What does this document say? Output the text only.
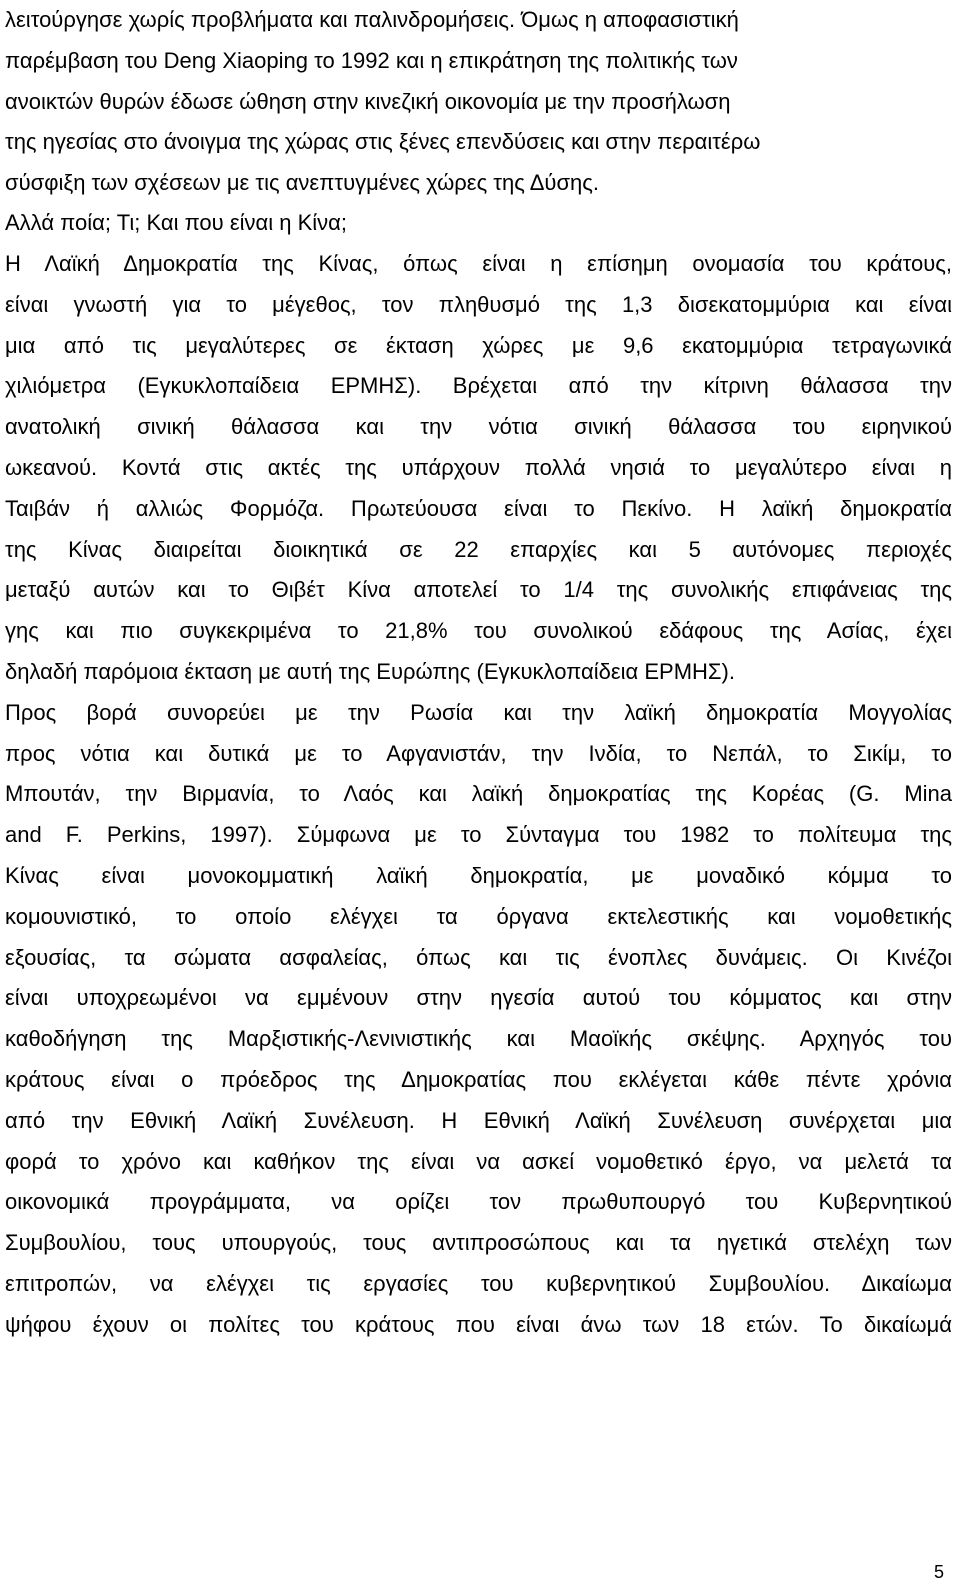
λειτούργησε χωρίς προβλήματα και παλινδρομήσεις. Όμως η αποφασιστική
παρέμβαση του Deng Xiaoping το 1992 και η επικράτηση της πολιτικής των
ανοικτών θυρών έδωσε ώθηση στην κινεζική οικονομία με την προσήλωση
της ηγεσίας στο άνοιγμα της χώρας στις ξένες επενδύσεις και στην περαιτέρω
σύσφιξη των σχέσεων με τις ανεπτυγμένες χώρες της Δύσης.
Αλλά ποία; Τι; Και που είναι η Κίνα;
Η Λαϊκή Δημοκρατία της Κίνας, όπως είναι η επίσημη ονομασία του κράτους,
είναι γνωστή για το μέγεθος, τον πληθυσμό της 1,3 δισεκατομμύρια και είναι
μια από τις μεγαλύτερες σε έκταση χώρες με 9,6 εκατομμύρια τετραγωνικά
χιλιόμετρα (Εγκυκλοπαίδεια ΕΡΜΗΣ). Βρέχεται από την κίτρινη θάλασσα την
ανατολική σινική θάλασσα και την νότια σινική θάλασσα του ειρηνικού
ωκεανού. Κοντά στις ακτές της υπάρχουν πολλά νησιά το μεγαλύτερο είναι η
Ταιβάν ή αλλιώς Φορμόζα. Πρωτεύουσα είναι το Πεκίνο. Η λαϊκή δημοκρατία
της Κίνας διαιρείται διοικητικά σε 22 επαρχίες και 5 αυτόνομες περιοχές
μεταξύ αυτών και το Θιβέτ Κίνα αποτελεί το 1/4 της συνολικής επιφάνειας της
γης και πιο συγκεκριμένα το 21,8% του συνολικού εδάφους της Ασίας, έχει
δηλαδή παρόμοια έκταση με αυτή της Ευρώπης (Εγκυκλοπαίδεια ΕΡΜΗΣ).
Προς βορά συνορεύει με την Ρωσία και την λαϊκή δημοκρατία Μογγολίας
προς νότια και δυτικά με το Αφγανιστάν, την Ινδία, το Νεπάλ, το Σικίμ, το
Μπουτάν, την Βιρμανία, το Λαός και λαϊκή δημοκρατίας της Κορέας (G. Mina
and F. Perkins, 1997). Σύμφωνα με το Σύνταγμα του 1982 το πολίτευμα της
Κίνας είναι μονοκομματική λαϊκή δημοκρατία, με μοναδικό κόμμα το
κομουνιστικό, το οποίο ελέγχει τα όργανα εκτελεστικής και νομοθετικής
εξουσίας, τα σώματα ασφαλείας, όπως και τις ένοπλες δυνάμεις. Οι Κινέζοι
είναι υποχρεωμένοι να εμμένουν στην ηγεσία αυτού του κόμματος και στην
καθοδήγηση της Μαρξιστικής-Λενινιστικής και Μαοϊκής σκέψης. Αρχηγός του
κράτους είναι ο πρόεδρος της Δημοκρατίας που εκλέγεται κάθε πέντε χρόνια
από την Εθνική Λαϊκή Συνέλευση. Η Εθνική Λαϊκή Συνέλευση συνέρχεται μια
φορά το χρόνο και καθήκον της είναι να ασκεί νομοθετικό έργο, να μελετά τα
οικονομικά προγράμματα, να ορίζει τον πρωθυπουργό του Κυβερνητικού
Συμβουλίου, τους υπουργούς, τους αντιπροσώπους και τα ηγετικά στελέχη των
επιτροπών, να ελέγχει τις εργασίες του κυβερνητικού Συμβουλίου. Δικαίωμα
ψήφου έχουν οι πολίτες του κράτους που είναι άνω των 18 ετών. Το δικαίωμά
5
